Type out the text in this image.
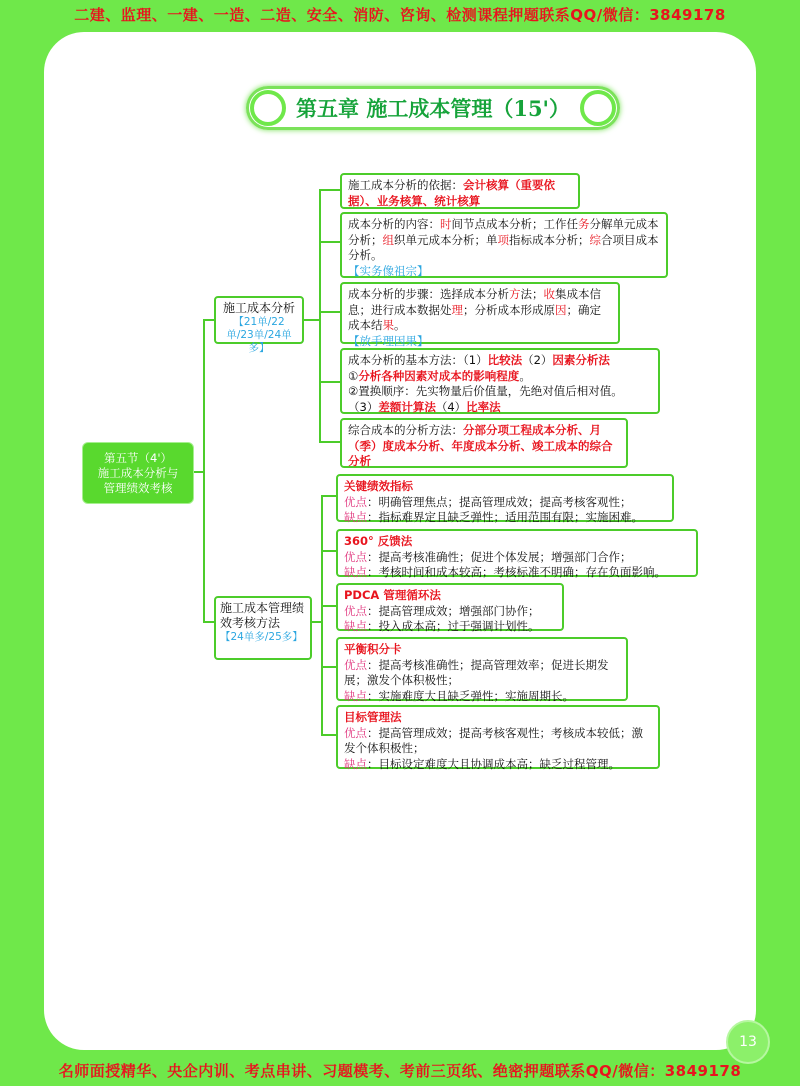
二建、监理、一建、一造、二造、安全、消防、咨询、检测课程押题联系QQ/微信：3849178
第五章 施工成本管理（15'）
第五节（4'）
施工成本分析与
管理绩效考核
施工成本分析
【21单/22单/23单/24单多】
施工成本管理绩效考核方法
【24单多/25多】
施工成本分析的依据：会计核算（重要依据）、业务核算、统计核算
成本分析的内容：时间节点成本分析；工作任务分解单元成本分析；组织单元成本分析；单项指标成本分析；综合项目成本分析。
【实务像祖宗】
成本分析的步骤：选择成本分析方法；收集成本信息；进行成本数据处理；分析成本形成原因；确定成本结果。
【放手理因果】
成本分析的基本方法：（1）比较法（2）因素分析法
①分析各种因素对成本的影响程度。
②置换顺序：先实物量后价值量，先绝对值后相对值。
（3）差额计算法（4）比率法
综合成本的分析方法：分部分项工程成本分析、月（季）度成本分析、年度成本分析、竣工成本的综合分析
关键绩效指标
优点：明确管理焦点；提高管理成效；提高考核客观性；
缺点：指标难界定且缺乏弹性；适用范围有限；实施困难。
360° 反馈法
优点：提高考核准确性；促进个体发展；增强部门合作；
缺点：考核时间和成本较高；考核标准不明确；存在负面影响。
PDCA 管理循环法
优点：提高管理成效；增强部门协作；
缺点：投入成本高；过于强调计划性。
平衡积分卡
优点：提高考核准确性；提高管理效率；促进长期发展；激发个体积极性；
缺点：实施难度大且缺乏弹性；实施周期长。
目标管理法
优点：提高管理成效；提高考核客观性；考核成本较低；激发个体积极性；
缺点：目标设定难度大且协调成本高；缺乏过程管理。
13
名师面授精华、央企内训、考点串讲、习题模考、考前三页纸、绝密押题联系QQ/微信：3849178
